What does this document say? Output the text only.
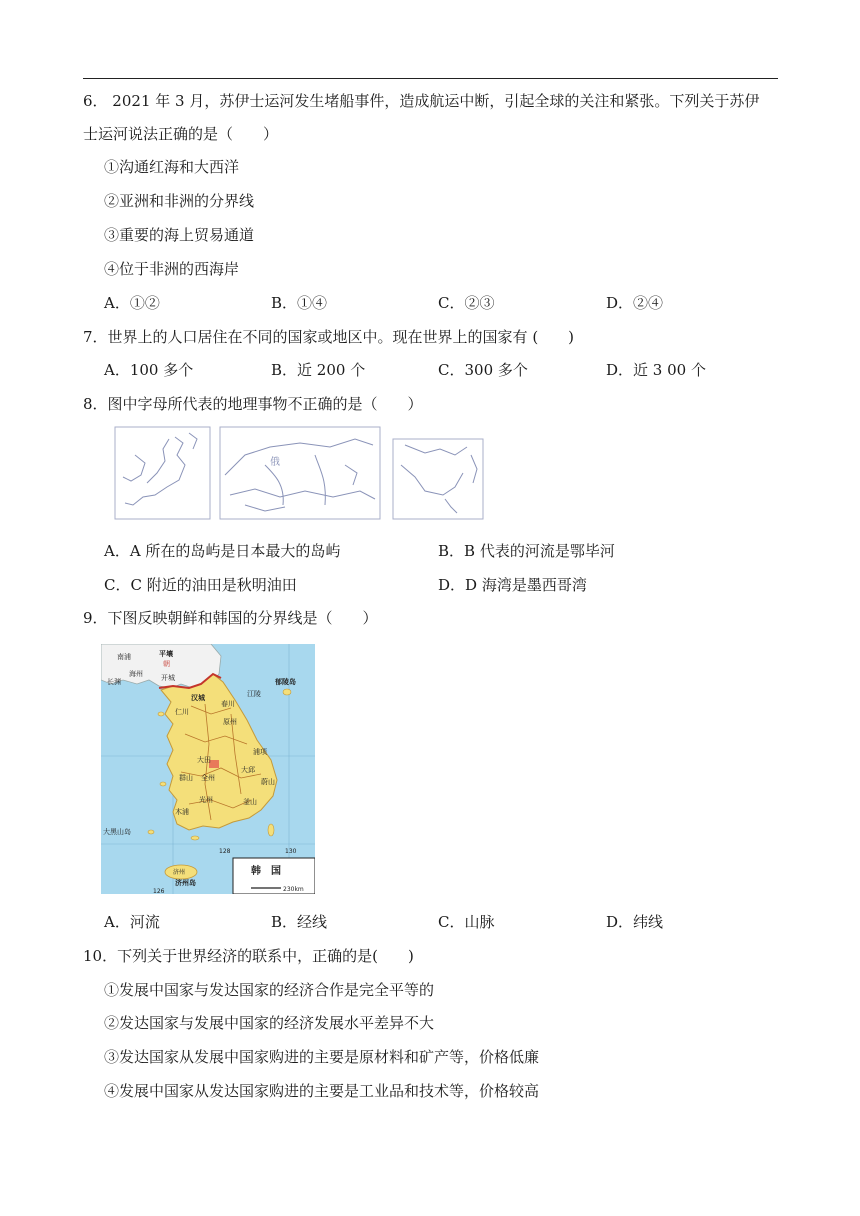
6． 2021 年 3 月，苏伊士运河发生堵船事件，造成航运中断，引起全球的关注和紧张。下列关于苏伊
士运河说法正确的是（　　）
①沟通红海和大西洋
②亚洲和非洲的分界线
③重要的海上贸易通道
④位于非洲的西海岸
A．①②	B．①④	C．②③	D．②④
7．世界上的人口居住在不同的国家或地区中。现在世界上的国家有 (　　)
A．100 多个	B．近 200 个	C．300 多个	D．近 3 00 个
8．图中字母所代表的地理事物不正确的是（　　）
俄
A．A 所在的岛屿是日本最大的岛屿	B．B 代表的河流是鄂毕河
C．C 附近的油田是秋明油田	D．D 海湾是墨西哥湾
9．下图反映朝鲜和韩国的分界线是（　　）
南浦	平壤
朝
海州	开城
长渊
汉城
春川
江陵
郁陵岛
仁川
原州
大田
浦项
群山 全州
大邱
蔚山
光州	釜山
木浦
大黑山岛
济州
济州岛
韩　国
230km
126
130
128
A．河流	B．经线	C．山脉	D．纬线
10．下列关于世界经济的联系中，正确的是(　　)
①发展中国家与发达国家的经济合作是完全平等的
②发达国家与发展中国家的经济发展水平差异不大
③发达国家从发展中国家购进的主要是原材料和矿产等，价格低廉
④发展中国家从发达国家购进的主要是工业品和技术等，价格较高
